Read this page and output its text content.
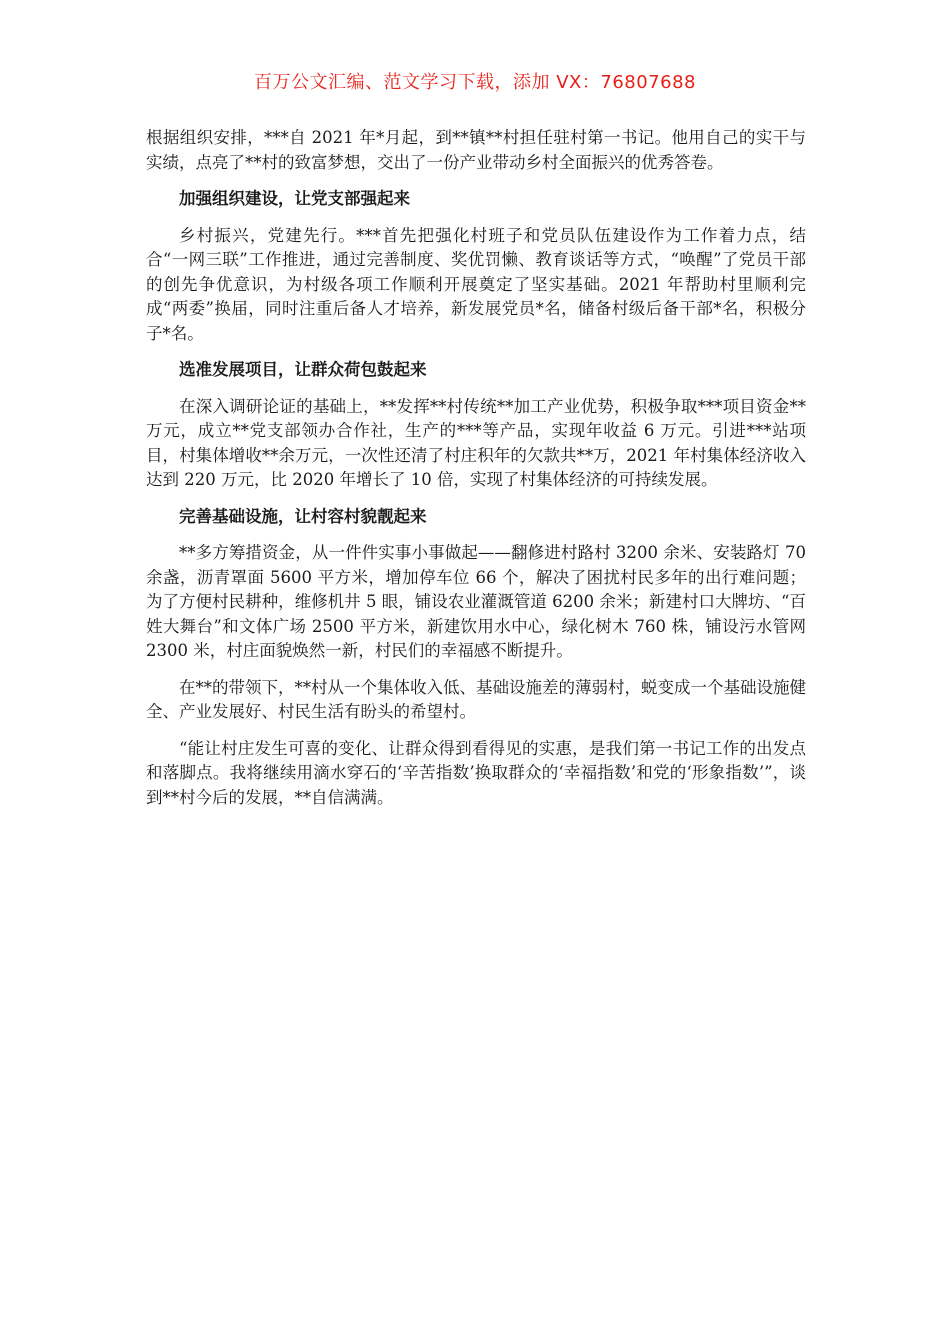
百万公文汇编、范文学习下载，添加 VX：76807688

根据组织安排，***自 2021 年*月起，到**镇**村担任驻村第一书记。他用自己的实干与实绩，点亮了**村的致富梦想，交出了一份产业带动乡村全面振兴的优秀答卷。

加强组织建设，让党支部强起来

乡村振兴，党建先行。***首先把强化村班子和党员队伍建设作为工作着力点，结合“一网三联”工作推进，通过完善制度、奖优罚懒、教育谈话等方式，“唤醒”了党员干部的创先争优意识，为村级各项工作顺利开展奠定了坚实基础。2021 年帮助村里顺利完成“两委”换届，同时注重后备人才培养，新发展党员*名，储备村级后备干部*名，积极分子*名。

选准发展项目，让群众荷包鼓起来

在深入调研论证的基础上，**发挥**村传统**加工产业优势，积极争取***项目资金**万元，成立**党支部领办合作社，生产的***等产品，实现年收益 6 万元。引进***站项目，村集体增收**余万元，一次性还清了村庄积年的欠款共**万，2021 年村集体经济收入达到 220 万元，比 2020 年增长了 10 倍，实现了村集体经济的可持续发展。

完善基础设施，让村容村貌靓起来

**多方筹措资金，从一件件实事小事做起——翻修进村路村 3200 余米、安装路灯 70 余盏，沥青罩面 5600 平方米，增加停车位 66 个，解决了困扰村民多年的出行难问题；为了方便村民耕种，维修机井 5 眼，铺设农业灌溉管道 6200 余米；新建村口大牌坊、“百姓大舞台”和文体广场 2500 平方米，新建饮用水中心，绿化树木 760 株，铺设污水管网 2300 米，村庄面貌焕然一新，村民们的幸福感不断提升。

在**的带领下，**村从一个集体收入低、基础设施差的薄弱村，蜕变成一个基础设施健全、产业发展好、村民生活有盼头的希望村。

“能让村庄发生可喜的变化、让群众得到看得见的实惠，是我们第一书记工作的出发点和落脚点。我将继续用滴水穿石的‘辛苦指数’换取群众的‘幸福指数’和党的‘形象指数’”，谈到**村今后的发展，**自信满满。
